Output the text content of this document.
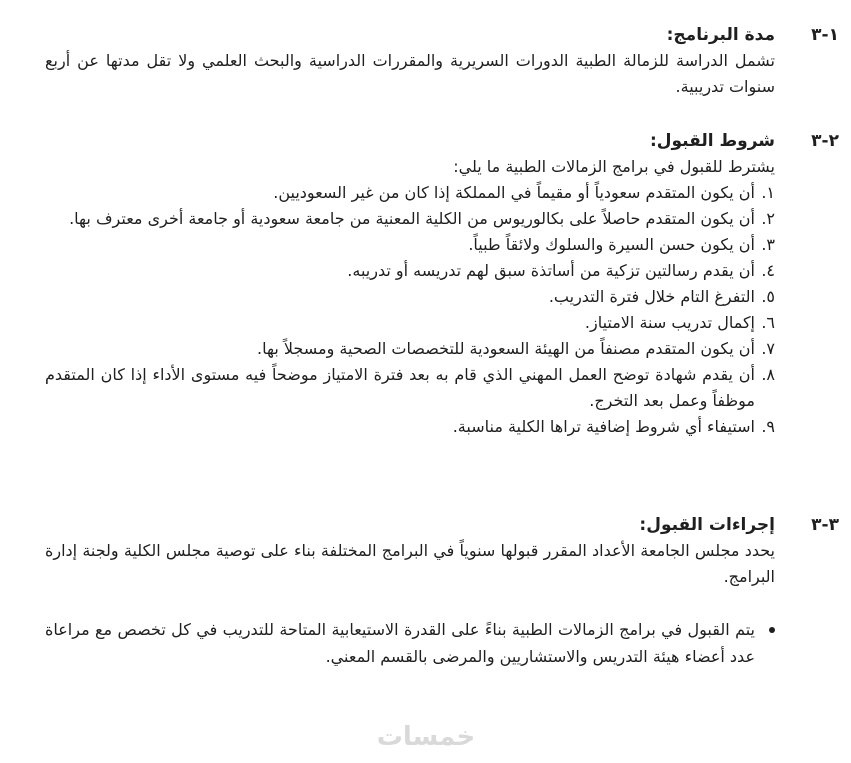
١-٣
مدة البرنامج:

تشمل الدراسة للزمالة الطبية الدورات السريرية والمقررات الدراسية والبحث العلمي ولا تقل مدتها عن أربع سنوات تدريبية.

٢-٣
شروط القبول:

يشترط للقبول في برامج الزمالات الطبية ما يلي:

١.
أن يكون المتقدم سعودياً أو مقيماً في المملكة إذا كان من غير السعوديين.
٢.
أن يكون المتقدم حاصلاً على بكالوريوس من الكلية المعنية من جامعة سعودية أو جامعة أخرى معترف بها.
٣.
أن يكون حسن السيرة والسلوك ولائقاً طبياً.
٤.
أن يقدم رسالتين تزكية من أساتذة سبق لهم تدريسه أو تدريبه.
٥.
التفرغ التام خلال فترة التدريب.
٦.
إكمال تدريب سنة الامتياز.
٧.
أن يكون المتقدم مصنفاً من الهيئة السعودية للتخصصات الصحية ومسجلاً بها.
٨.
أن يقدم شهادة توضح العمل المهني الذي قام به بعد فترة الامتياز موضحاً فيه مستوى الأداء إذا كان المتقدم موظفاً وعمل بعد التخرج.
٩.
استيفاء أي شروط إضافية تراها الكلية مناسبة.
٣-٣
إجراءات القبول:

يحدد مجلس الجامعة الأعداد المقرر قبولها سنوياً في البرامج المختلفة بناء على توصية مجلس الكلية ولجنة إدارة البرامج.

يتم القبول في برامج الزمالات الطبية بناءً على القدرة الاستيعابية المتاحة للتدريب في كل تخصص مع مراعاة عدد أعضاء هيئة التدريس والاستشاريين والمرضى بالقسم المعني.
خمسات
